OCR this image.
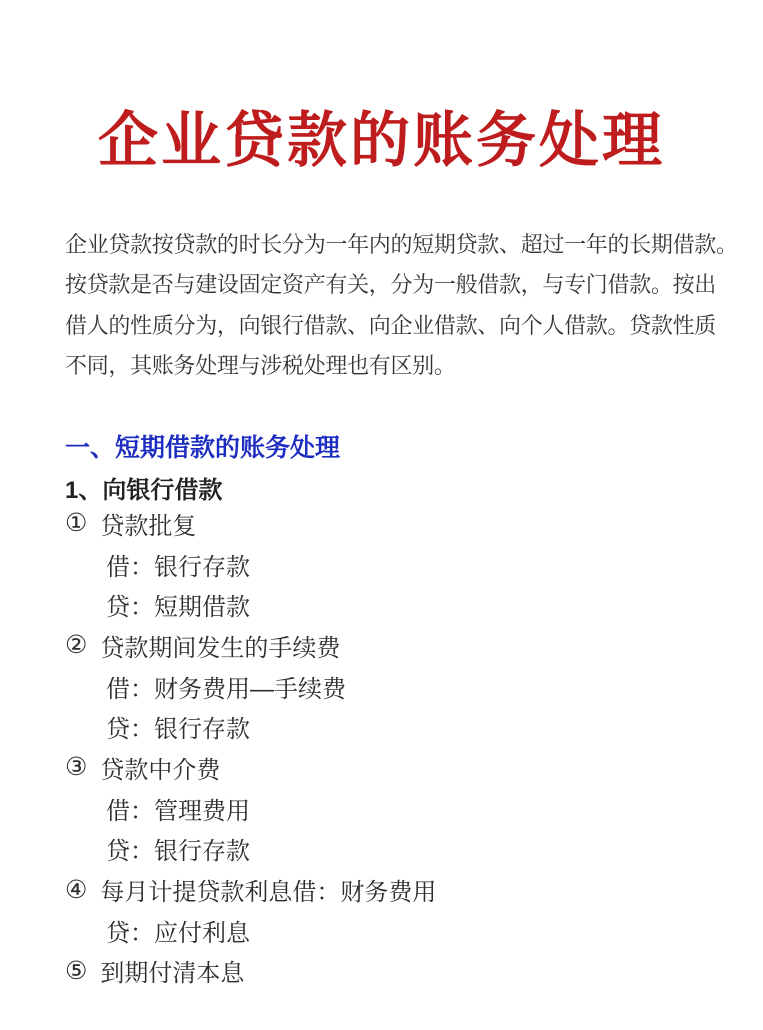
企业贷款的账务处理
企业贷款按贷款的时长分为一年内的短期贷款、超过一年的长期借款。
按贷款是否与建设固定资产有关，分为一般借款，与专门借款。按出
借人的性质分为，向银行借款、向企业借款、向个人借款。贷款性质
不同，其账务处理与涉税处理也有区别。
一、短期借款的账务处理
1、向银行借款
① 贷款批复
借：银行存款
贷：短期借款
② 贷款期间发生的手续费
借：财务费用—手续费
贷：银行存款
③ 贷款中介费
借：管理费用
贷：银行存款
④ 每月计提贷款利息借：财务费用
贷：应付利息
⑤ 到期付清本息
